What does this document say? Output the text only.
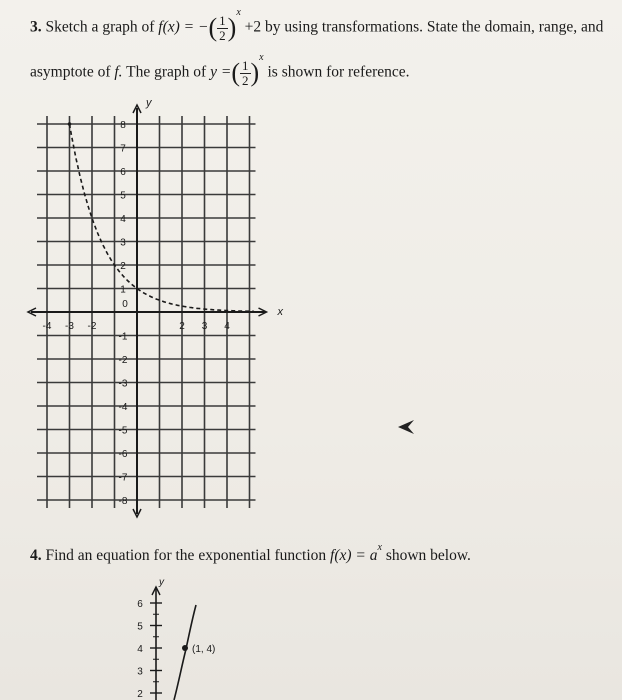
3. Sketch a graph of f(x) = −( $\frac{1}{2} )^x +2$ by using transformations. State the domain, range, and
asymptote of f. The graph of y =( $\frac{1}{2} )^x$ is shown for reference.
y
x
8
7
6
5
4
3
2
1
0
-1
-2
-3
-4
-5
-6
-7
-8
-4 -3 -2	2 3 4
4. Find an equation for the exponential function $f(x) = a^x$ shown below.
y
6
5
4
3
2
(1, 4)
